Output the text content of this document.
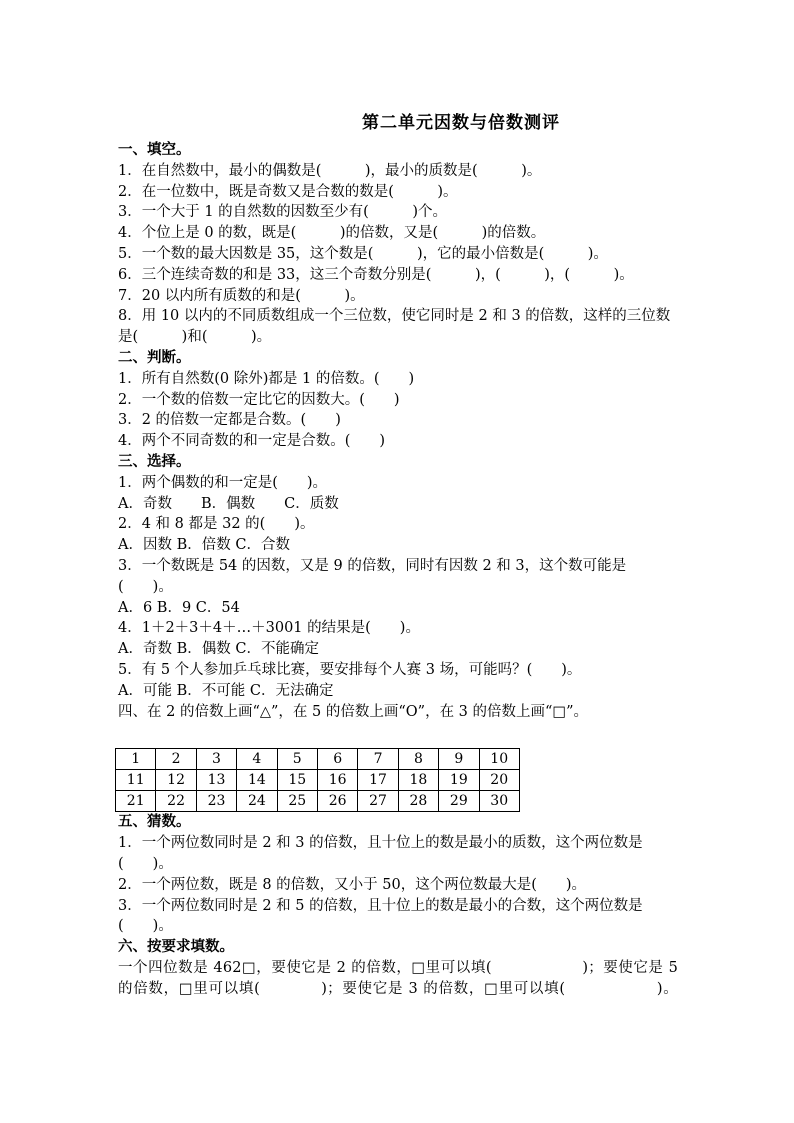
第二单元因数与倍数测评
一、填空。
1．在自然数中，最小的偶数是(　　　)，最小的质数是(　　　)。
2．在一位数中，既是奇数又是合数的数是(　　　)。
3．一个大于 1 的自然数的因数至少有(　　　)个。
4．个位上是 0 的数，既是(　　　)的倍数，又是(　　　)的倍数。
5．一个数的最大因数是 35，这个数是(　　　)，它的最小倍数是(　　　)。
6．三个连续奇数的和是 33，这三个奇数分别是(　　　)，(　　　)，(　　　)。
7．20 以内所有质数的和是(　　　)。
8．用 10 以内的不同质数组成一个三位数，使它同时是 2 和 3 的倍数，这样的三位数是(　　　)和(　　　)。
二、判断。
1．所有自然数(0 除外)都是 1 的倍数。(　　)
2．一个数的倍数一定比它的因数大。(　　)
3．2 的倍数一定都是合数。(　　)
4．两个不同奇数的和一定是合数。(　　)
三、选择。
1．两个偶数的和一定是(　　)。
A．奇数　　B．偶数　　C．质数
2．4 和 8 都是 32 的(　　)。
A．因数 B．倍数 C．合数
3．一个数既是 54 的因数，又是 9 的倍数，同时有因数 2 和 3，这个数可能是(　　)。
A．6 B．9 C．54
4．1＋2＋3＋4＋…＋3001 的结果是(　　)。
A．奇数 B．偶数 C．不能确定
5．有 5 个人参加乒乓球比赛，要安排每个人赛 3 场，可能吗？(　　)。
A．可能 B．不可能 C．无法确定
四、在 2 的倍数上画“△”，在 5 的倍数上画“O”，在 3 的倍数上画“□”。
1	2	3	4	5	6	7	8	9	10
11	12	13	14	15	16	17	18	19	20
21	22	23	24	25	26	27	28	29	30
五、猜数。
1．一个两位数同时是 2 和 3 的倍数，且十位上的数是最小的质数，这个两位数是(　　)。
2．一个两位数，既是 8 的倍数，又小于 50，这个两位数最大是(　　)。
3．一个两位数同时是 2 和 5 的倍数，且十位上的数是最小的合数，这个两位数是(　　)。
六、按要求填数。
一个四位数是 462□，要使它是 2 的倍数，□里可以填(　　　　　　)；要使它是 5 的倍数，□里可以填(　　　　)；要使它是 3 的倍数，□里可以填(　　　　　　)。
